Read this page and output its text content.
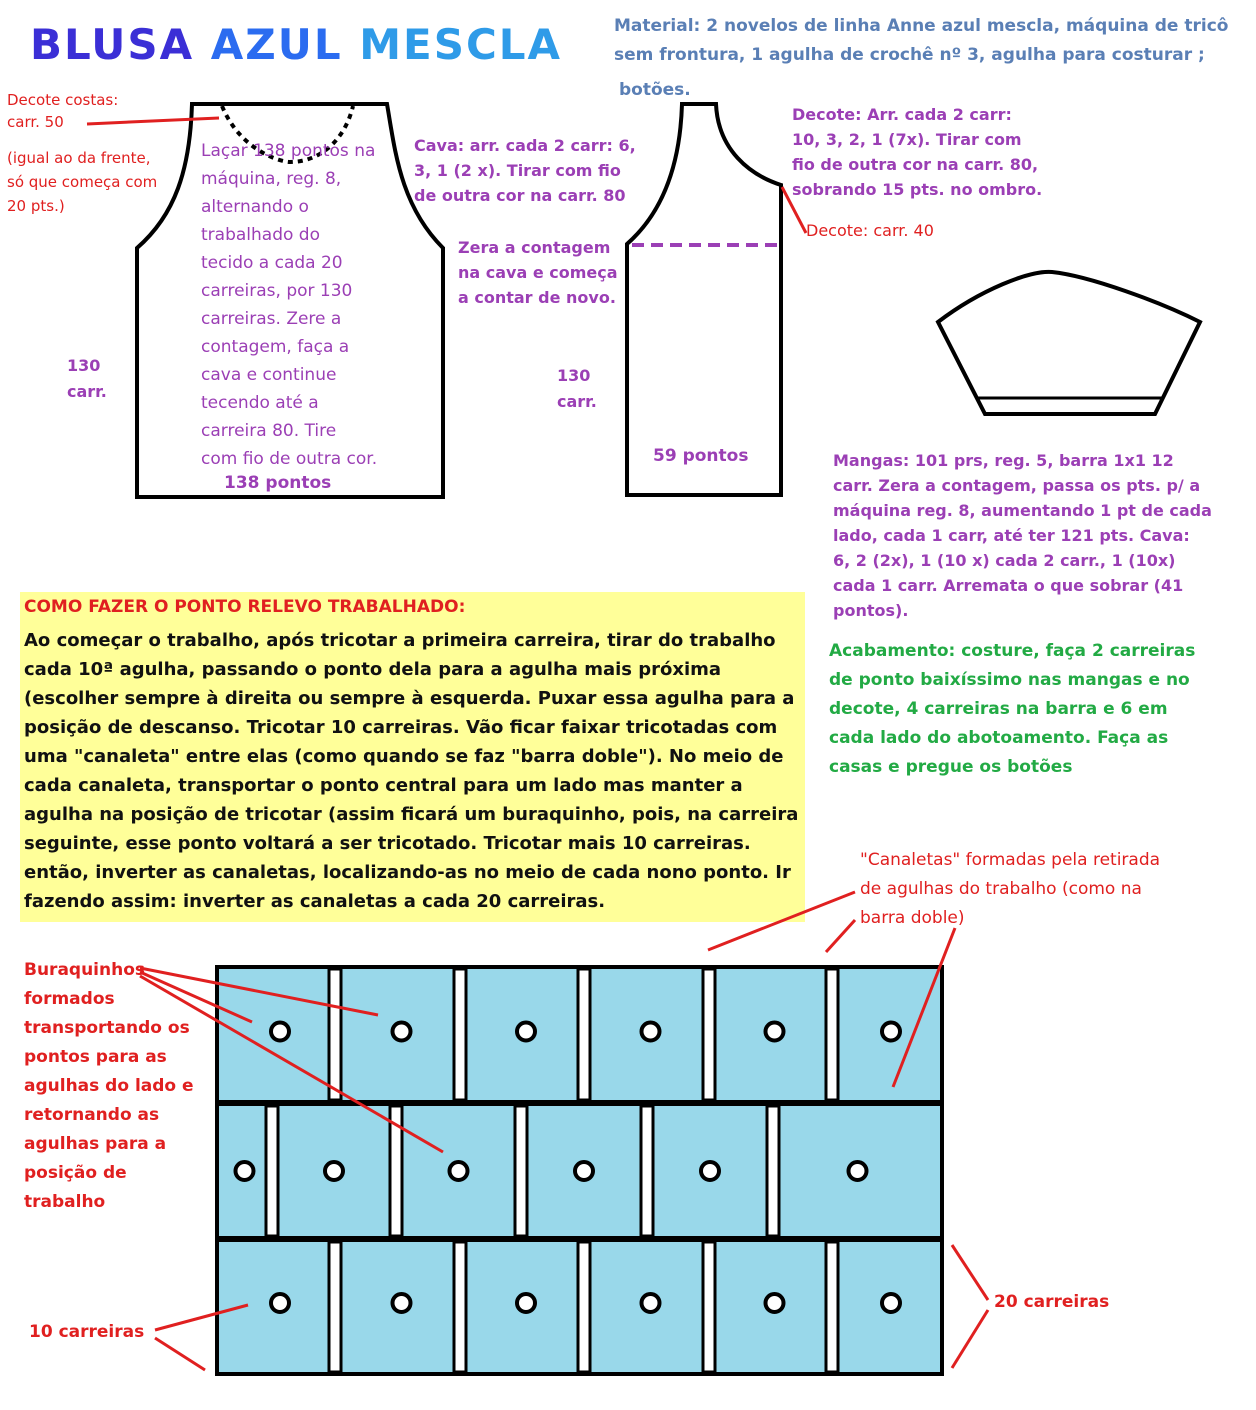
BLUSA AZUL MESCLA	Material: 2 novelos de linha Anne azul mescla, máquina de tricô
sem frontura, 1 agulha de crochê nº 3, agulha para costurar ;
botões.
Decote costas:
carr. 50
(igual ao da frente,
só que começa com
20 pts.)
Laçar 138 pontos na
máquina, reg. 8,
alternando o
trabalhado do
tecido a cada 20
carreiras, por 130
carreiras. Zere a
contagem, faça a
cava e continue
tecendo até a
carreira 80. Tire
com fio de outra cor.
130
carr.
138 pontos
Cava: arr. cada 2 carr: 6,
3, 1 (2 x). Tirar com fio
de outra cor na carr. 80
Zera a contagem
na cava e começa
a contar de novo.
Decote: Arr. cada 2 carr:
10, 3, 2, 1 (7x). Tirar com
fio de outra cor na carr. 80,
sobrando 15 pts. no ombro.
Decote: carr. 40
130
carr.
59 pontos	Mangas: 101 prs, reg. 5, barra 1x1 12
carr. Zera a contagem, passa os pts. p/ a
máquina reg. 8, aumentando 1 pt de cada
lado, cada 1 carr, até ter 121 pts. Cava:
6, 2 (2x), 1 (10 x) cada 2 carr., 1 (10x)
cada 1 carr. Arremata o que sobrar (41
pontos).
Acabamento: costure, faça 2 carreiras
de ponto baixíssimo nas mangas e no
decote, 4 carreiras na barra e 6 em
cada lado do abotoamento. Faça as
casas e pregue os botões
COMO FAZER O PONTO RELEVO TRABALHADO:
Ao começar o trabalho, após tricotar a primeira carreira, tirar do trabalho cada 10ª agulha, passando o ponto dela para a agulha mais próxima (escolher sempre à direita ou sempre à esquerda. Puxar essa agulha para a posição de descanso. Tricotar 10 carreiras. Vão ficar faixar tricotadas com uma "canaleta" entre elas (como quando se faz "barra doble"). No meio de cada canaleta, transportar o ponto central para um lado mas manter a agulha na posição de tricotar (assim ficará um buraquinho, pois, na carreira seguinte, esse ponto voltará a ser tricotado. Tricotar mais 10 carreiras. então, inverter as canaletas, localizando-as no meio de cada nono ponto. Ir fazendo assim: inverter as canaletas a cada 20 carreiras.
"Canaletas" formadas pela retirada
de agulhas do trabalho (como na
barra doble)
Buraquinhos
formados
transportando os
pontos para as
agulhas do lado e
retornando as
agulhas para a
posição de
trabalho
10 carreiras
20 carreiras
